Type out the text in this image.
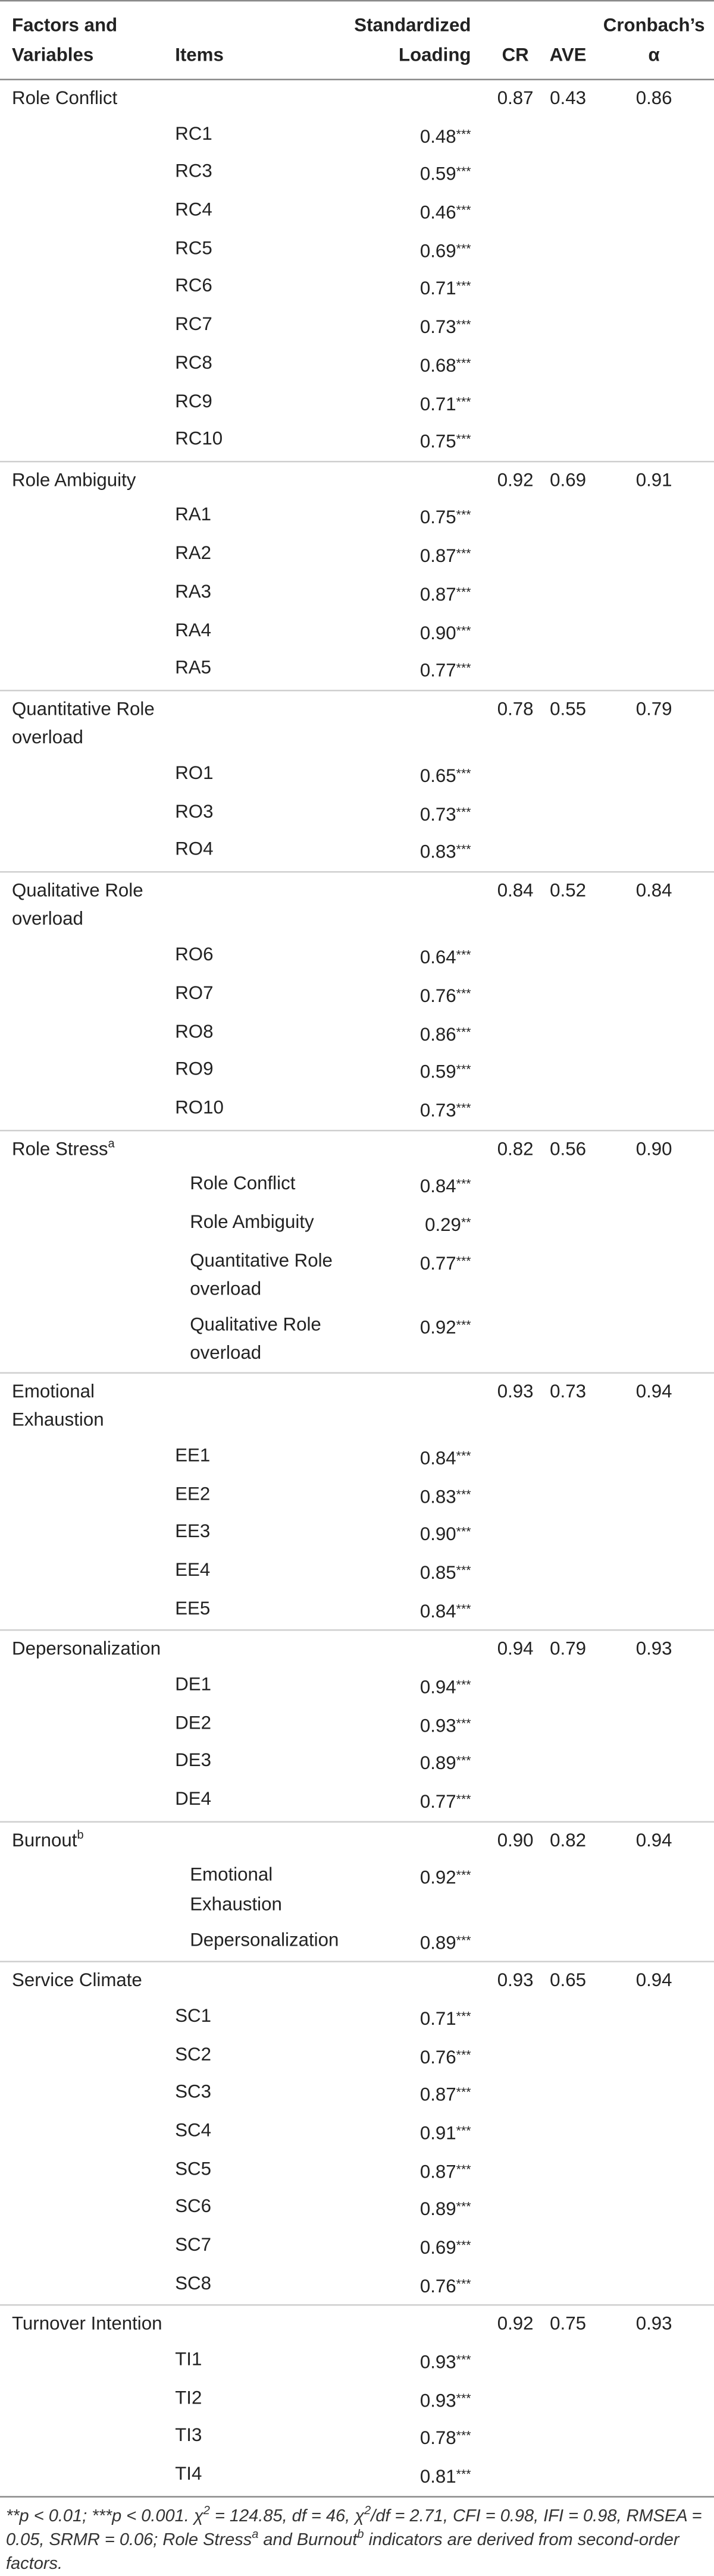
Factors and Variables	Items	Standardized Loading	CR	AVE	Cronbach’s α
Role Conflict			0.87	0.43	0.86
	RC1	0.48***			
	RC3	0.59***			
	RC4	0.46***			
	RC5	0.69***			
	RC6	0.71***			
	RC7	0.73***			
	RC8	0.68***			
	RC9	0.71***			
	RC10	0.75***			
Role Ambiguity			0.92	0.69	0.91
	RA1	0.75***			
	RA2	0.87***			
	RA3	0.87***			
	RA4	0.90***			
	RA5	0.77***			
Quantitative Role overload			0.78	0.55	0.79
	RO1	0.65***			
	RO3	0.73***			
	RO4	0.83***			
Qualitative Role overload			0.84	0.52	0.84
	RO6	0.64***			
	RO7	0.76***			
	RO8	0.86***			
	RO9	0.59***			
	RO10	0.73***			
Role Stress$^a$			0.82	0.56	0.90
	Role Conflict	0.84***			
	Role Ambiguity	0.29**			
	Quantitative Role overload	0.77***			
	Qualitative Role overload	0.92***			
Emotional Exhaustion			0.93	0.73	0.94
	EE1	0.84***			
	EE2	0.83***			
	EE3	0.90***			
	EE4	0.85***			
	EE5	0.84***			
Depersonalization			0.94	0.79	0.93
	DE1	0.94***			
	DE2	0.93***			
	DE3	0.89***			
	DE4	0.77***			
Burnout$^b$			0.90	0.82	0.94
	Emotional Exhaustion	0.92***			
	Depersonalization	0.89***			
Service Climate			0.93	0.65	0.94
	SC1	0.71***			
	SC2	0.76***			
	SC3	0.87***			
	SC4	0.91***			
	SC5	0.87***			
	SC6	0.89***			
	SC7	0.69***			
	SC8	0.76***			
Turnover Intention			0.92	0.75	0.93
	TI1	0.93***			
	TI2	0.93***			
	TI3	0.78***			
	TI4	0.81***			
**p < 0.01; ***p < 0.001. $\chi^2 = 124.85$, df = 46, $\chi^2/df = 2.71$, CFI = 0.98, IFI = 0.98, RMSEA = 0.05, SRMR = 0.06; Role Stress$^a$ and Burnout$^b$ indicators are derived from second-order factors.
